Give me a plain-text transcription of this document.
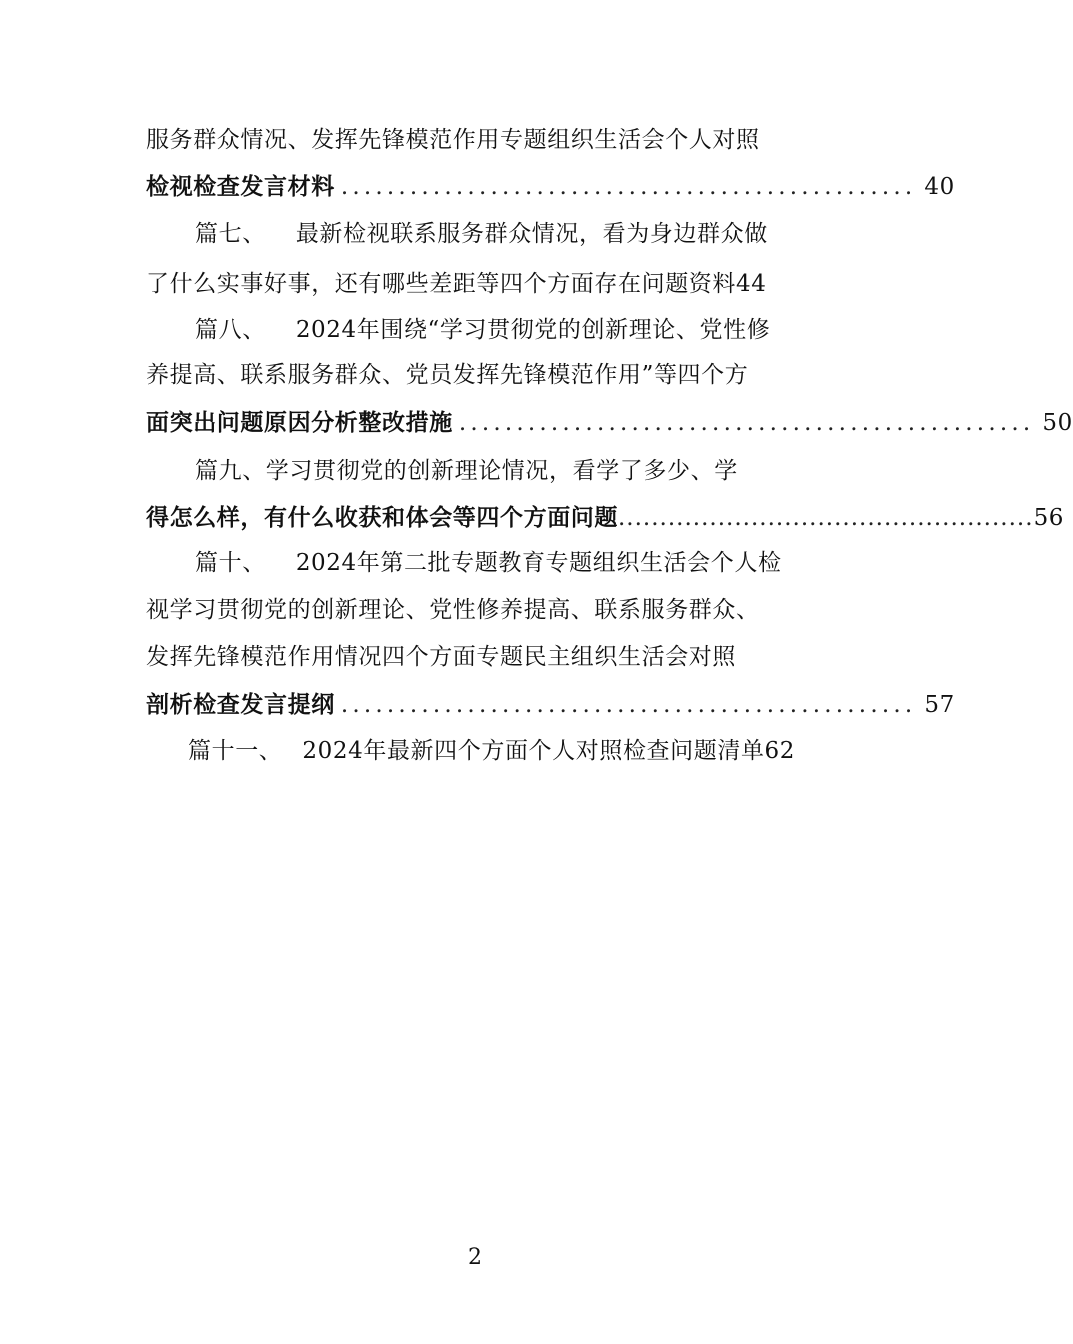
服务群众情况、发挥先锋模范作用专题组织生活会个人对照
检视检查发言材料 .................................................. 40
篇七、 最新检视联系服务群众情况，看为身边群众做
了什么实事好事，还有哪些差距等四个方面存在问题资料44
篇八、 2024年围绕“学习贯彻党的创新理论、党性修
养提高、联系服务群众、党员发挥先锋模范作用”等四个方
面突出问题原因分析整改措施 .................................................. 50
篇九、学习贯彻党的创新理论情况，看学了多少、学
得怎么样，有什么收获和体会等四个方面问题 .................................................. 56
篇十、 2024年第二批专题教育专题组织生活会个人检
视学习贯彻党的创新理论、党性修养提高、联系服务群众、
发挥先锋模范作用情况四个方面专题民主组织生活会对照
剖析检查发言提纲 .................................................. 57
篇十一、 2024年最新四个方面个人对照检查问题清单62
2
